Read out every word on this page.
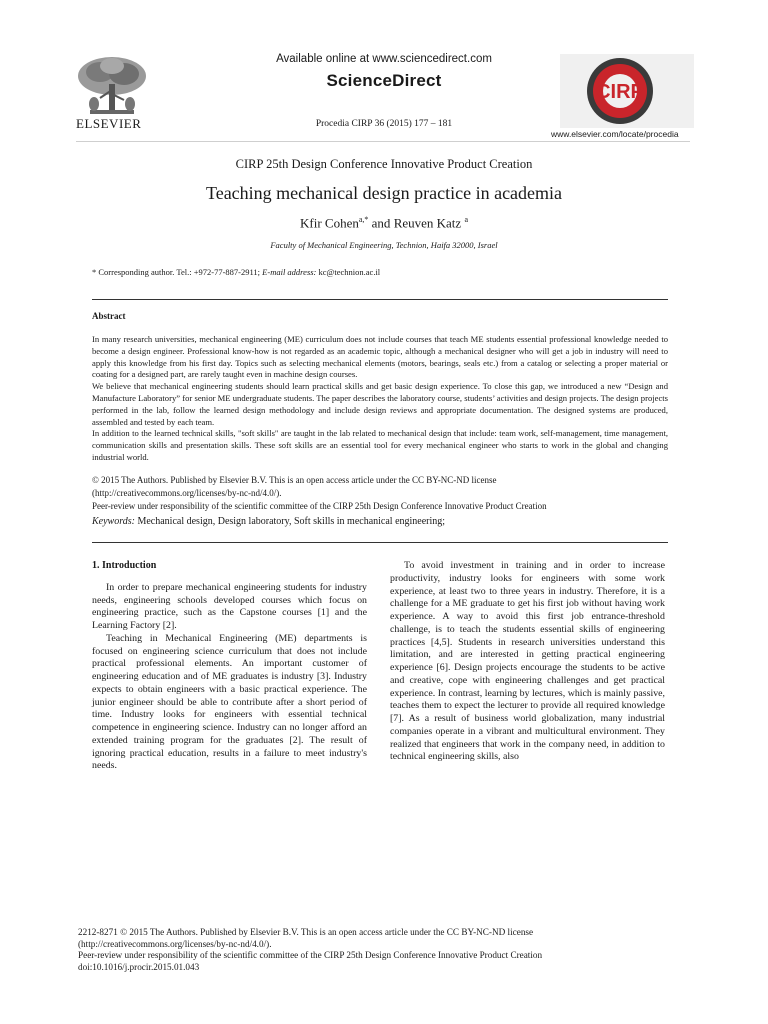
ELSEVIER
Available online at www.sciencedirect.com
ScienceDirect
Procedia CIRP 36 (2015) 177 – 181
CIRP
www.elsevier.com/locate/procedia
CIRP 25th Design Conference Innovative Product Creation
Teaching mechanical design practice in academia
Kfir Cohen$^{a,*}$ and Reuven Katz $^a$
Faculty of Mechanical Engineering, Technion, Haifa 32000, Israel
* Corresponding author. Tel.: +972-77-887-2911; E-mail address: kc@technion.ac.il
Abstract

In many research universities, mechanical engineering (ME) curriculum does not include courses that teach ME students essential professional knowledge needed to become a design engineer. Professional know-how is not regarded as an academic topic, although a mechanical designer who will get a job in industry will need to apply this knowledge from his first day. Topics such as selecting mechanical elements (motors, bearings, seals etc.) from a catalog or selecting a proper material or coating for a designed part, are rarely taught even in machine design courses.

We believe that mechanical engineering students should learn practical skills and get basic design experience. To close this gap, we introduced a new “Design and Manufacture Laboratory” for senior ME undergraduate students. The paper describes the laboratory course, students’ activities and design projects. The design projects performed in the lab, follow the learned design methodology and include design reviews and appropriate documentation. The designed systems are produced, assembled and tested by each team.

In addition to the learned technical skills, "soft skills" are taught in the lab related to mechanical design that include: team work, self-management, time management, communication skills and presentation skills. These soft skills are an essential tool for every mechanical engineer who starts to work in the global and changing industrial world.

© 2015 The Authors. Published by Elsevier B.V. This is an open access article under the CC BY-NC-ND license
(http://creativecommons.org/licenses/by-nc-nd/4.0/).
Peer-review under responsibility of the scientific committee of the CIRP 25th Design Conference Innovative Product Creation
Keywords: Mechanical design, Design laboratory, Soft skills in mechanical engineering;

1. Introduction

In order to prepare mechanical engineering students for industry needs, engineering schools developed courses which focus on engineering practice, such as the Capstone courses [1] and the Learning Factory [2].

Teaching in Mechanical Engineering (ME) departments is focused on engineering science curriculum that does not include practical professional elements. An important customer of engineering education and of ME graduates is industry [3]. Industry expects to obtain engineers with a basic practical experience. The junior engineer should be able to contribute after a short period of time. Industry looks for engineers with essential technical competence in engineering science. Industry can no longer afford an extended training program for the graduates [2]. The result of ignoring practical education, results in a failure to meet industry's needs.

To avoid investment in training and in order to increase productivity, industry looks for engineers with some work experience, at least two to three years in industry. Therefore, it is a challenge for a ME graduate to get his first job without having work experience. A way to avoid this first job entrance-threshold challenge, is to teach the students essential skills of engineering practices [4,5]. Students in research universities understand this limitation, and are interested in getting practical engineering experience [6]. Design projects encourage the students to be active and creative, cope with engineering challenges and get practical experience. In contrast, learning by lectures, which is mainly passive, teaches them to expect the lecturer to provide all required knowledge [7]. As a result of business world globalization, many industrial companies operate in a vibrant and multicultural environment. They realized that engineers that work in the company need, in addition to technical engineering skills, also

2212-8271 © 2015 The Authors. Published by Elsevier B.V. This is an open access article under the CC BY-NC-ND license
(http://creativecommons.org/licenses/by-nc-nd/4.0/).
Peer-review under responsibility of the scientific committee of the CIRP 25th Design Conference Innovative Product Creation
doi:10.1016/j.procir.2015.01.043
